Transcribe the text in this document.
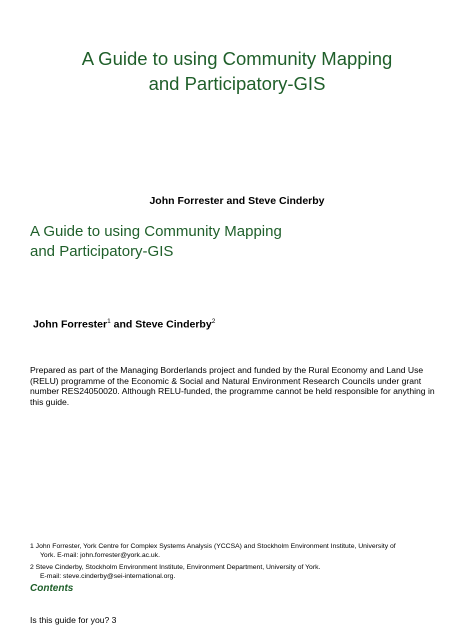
A Guide to using Community Mapping
and Participatory-GIS
John Forrester and Steve Cinderby
A Guide to using Community Mapping
and Participatory-GIS
John Forrester$^1$ and Steve Cinderby$^2$
Prepared as part of the Managing Borderlands project and funded by the Rural Economy and Land Use (RELU) programme of the Economic & Social and Natural Environment Research Councils under grant number RES24050020. Although RELU-funded, the programme cannot be held responsible for anything in this guide.
1 John Forrester, York Centre for Complex Systems Analysis (YCCSA) and Stockholm Environment Institute, University of
York. E-mail: john.forrester@york.ac.uk.
2 Steve Cinderby, Stockholm Environment Institute, Environment Department, University of York.
E-mail: steve.cinderby@sei-international.org.
Contents
Is this guide for you? 3
